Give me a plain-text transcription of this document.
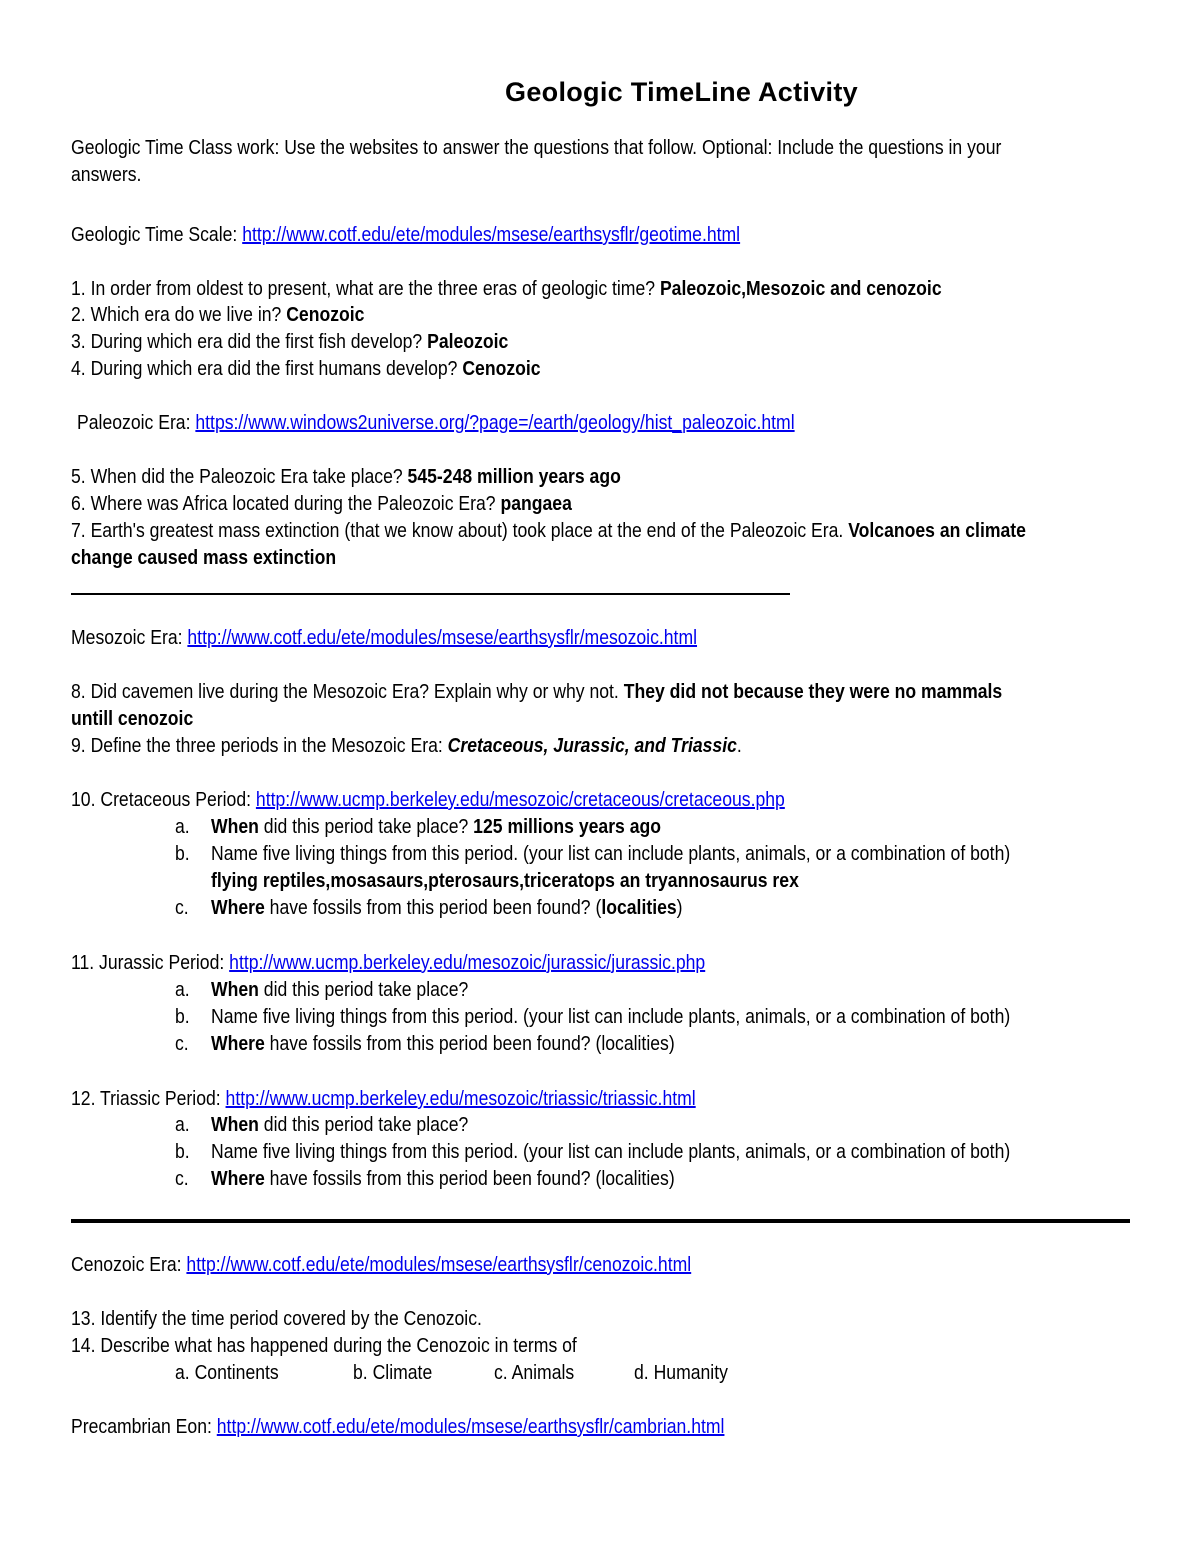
Geologic TimeLine Activity
Geologic Time Class work: Use the websites to answer the questions that follow. Optional: Include the questions in your
answers.
Geologic Time Scale: http://www.cotf.edu/ete/modules/msese/earthsysflr/geotime.html
1. In order from oldest to present, what are the three eras of geologic time? Paleozoic,Mesozoic and cenozoic
2. Which era do we live in? Cenozoic
3. During which era did the first fish develop? Paleozoic
4. During which era did the first humans develop? Cenozoic
Paleozoic Era: https://www.windows2universe.org/?page=/earth/geology/hist_paleozoic.html
5. When did the Paleozoic Era take place? 545-248 million years ago
6. Where was Africa located during the Paleozoic Era? pangaea
7. Earth's greatest mass extinction (that we know about) took place at the end of the Paleozoic Era. Volcanoes an climate
change caused mass extinction
Mesozoic Era: http://www.cotf.edu/ete/modules/msese/earthsysflr/mesozoic.html
8. Did cavemen live during the Mesozoic Era? Explain why or why not. They did not because they were no mammals
untill cenozoic
9. Define the three periods in the Mesozoic Era: Cretaceous, Jurassic, and Triassic.
10. Cretaceous Period: http://www.ucmp.berkeley.edu/mesozoic/cretaceous/cretaceous.php
a. When did this period take place? 125 millions years ago
b. Name five living things from this period. (your list can include plants, animals, or a combination of both)
flying reptiles,mosasaurs,pterosaurs,triceratops an tryannosaurus rex
c. Where have fossils from this period been found? (localities)
11. Jurassic Period: http://www.ucmp.berkeley.edu/mesozoic/jurassic/jurassic.php
a. When did this period take place?
b. Name five living things from this period. (your list can include plants, animals, or a combination of both)
c. Where have fossils from this period been found? (localities)
12. Triassic Period: http://www.ucmp.berkeley.edu/mesozoic/triassic/triassic.html
a. When did this period take place?
b. Name five living things from this period. (your list can include plants, animals, or a combination of both)
c. Where have fossils from this period been found? (localities)
Cenozoic Era: http://www.cotf.edu/ete/modules/msese/earthsysflr/cenozoic.html
13. Identify the time period covered by the Cenozoic.
14. Describe what has happened during the Cenozoic in terms of
a. Continents	b. Climate	c. Animals	d. Humanity
Precambrian Eon: http://www.cotf.edu/ete/modules/msese/earthsysflr/cambrian.html
